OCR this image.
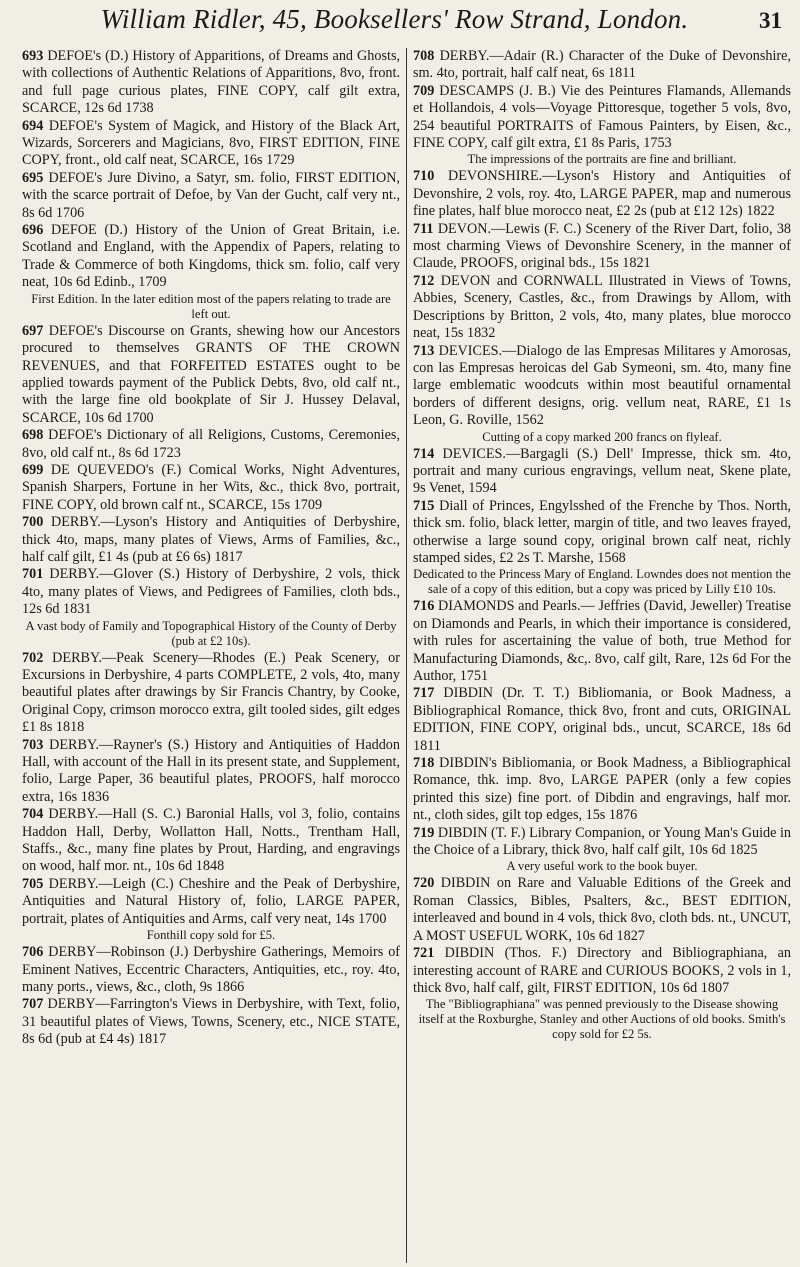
William Ridler, 45, Booksellers' Row Strand, London.	31

693 DEFOE's (D.) History of Apparitions, of Dreams and Ghosts, with collections of Authentic Relations of Apparitions, 8vo, front. and full page curious plates, FINE COPY, calf gilt extra, SCARCE, 12s 6d 1738

694 DEFOE's System of Magick, and History of the Black Art, Wizards, Sorcerers and Magicians, 8vo, FIRST EDITION, FINE COPY, front., old calf neat, SCARCE, 16s 1729

695 DEFOE's Jure Divino, a Satyr, sm. folio, FIRST EDITION, with the scarce portrait of Defoe, by Van der Gucht, calf very nt., 8s 6d 1706

696 DEFOE (D.) History of the Union of Great Britain, i.e. Scotland and England, with the Appendix of Papers, relating to Trade & Commerce of both Kingdoms, thick sm. folio, calf very neat, 10s 6d Edinb., 1709

First Edition. In the later edition most of the papers relating to trade are left out.

697 DEFOE's Discourse on Grants, shewing how our Ancestors procured to themselves GRANTS OF THE CROWN REVENUES, and that FORFEITED ESTATES ought to be applied towards payment of the Publick Debts, 8vo, old calf nt., with the large fine old bookplate of Sir J. Hussey Delaval, SCARCE, 10s 6d 1700

698 DEFOE's Dictionary of all Religions, Customs, Ceremonies, 8vo, old calf nt., 8s 6d 1723

699 DE QUEVEDO's (F.) Comical Works, Night Adventures, Spanish Sharpers, Fortune in her Wits, &c., thick 8vo, portrait, FINE COPY, old brown calf nt., SCARCE, 15s 1709

700 DERBY.—Lyson's History and Antiquities of Derbyshire, thick 4to, maps, many plates of Views, Arms of Families, &c., half calf gilt, £1 4s (pub at £6 6s) 1817

701 DERBY.—Glover (S.) History of Derbyshire, 2 vols, thick 4to, many plates of Views, and Pedigrees of Families, cloth bds., 12s 6d 1831

A vast body of Family and Topographical History of the County of Derby (pub at £2 10s).

702 DERBY.—Peak Scenery—Rhodes (E.) Peak Scenery, or Excursions in Derbyshire, 4 parts COMPLETE, 2 vols, 4to, many beautiful plates after drawings by Sir Francis Chantry, by Cooke, Original Copy, crimson morocco extra, gilt tooled sides, gilt edges £1 8s 1818

703 DERBY.—Rayner's (S.) History and Antiquities of Haddon Hall, with account of the Hall in its present state, and Supplement, folio, Large Paper, 36 beautiful plates, PROOFS, half morocco extra, 16s 1836

704 DERBY.—Hall (S. C.) Baronial Halls, vol 3, folio, contains Haddon Hall, Derby, Wollatton Hall, Notts., Trentham Hall, Staffs., &c., many fine plates by Prout, Harding, and engravings on wood, half mor. nt., 10s 6d 1848

705 DERBY.—Leigh (C.) Cheshire and the Peak of Derbyshire, Antiquities and Natural History of, folio, LARGE PAPER, portrait, plates of Antiquities and Arms, calf very neat, 14s 1700

Fonthill copy sold for £5.

706 DERBY—Robinson (J.) Derbyshire Gatherings, Memoirs of Eminent Natives, Eccentric Characters, Antiquities, etc., roy. 4to, many ports., views, &c., cloth, 9s 1866

707 DERBY—Farrington's Views in Derbyshire, with Text, folio, 31 beautiful plates of Views, Towns, Scenery, etc., NICE STATE, 8s 6d (pub at £4 4s) 1817

708 DERBY.—Adair (R.) Character of the Duke of Devonshire, sm. 4to, portrait, half calf neat, 6s 1811

709 DESCAMPS (J. B.) Vie des Peintures Flamands, Allemands et Hollandois, 4 vols—Voyage Pittoresque, together 5 vols, 8vo, 254 beautiful PORTRAITS of Famous Painters, by Eisen, &c., FINE COPY, calf gilt extra, £1 8s Paris, 1753

The impressions of the portraits are fine and brilliant.

710 DEVONSHIRE.—Lyson's History and Antiquities of Devonshire, 2 vols, roy. 4to, LARGE PAPER, map and numerous fine plates, half blue morocco neat, £2 2s (pub at £12 12s) 1822

711 DEVON.—Lewis (F. C.) Scenery of the River Dart, folio, 38 most charming Views of Devonshire Scenery, in the manner of Claude, PROOFS, original bds., 15s 1821

712 DEVON and CORNWALL Illustrated in Views of Towns, Abbies, Scenery, Castles, &c., from Drawings by Allom, with Descriptions by Britton, 2 vols, 4to, many plates, blue morocco neat, 15s 1832

713 DEVICES.—Dialogo de las Empresas Militares y Amorosas, con las Empresas heroicas del Gab Symeoni, sm. 4to, many fine large emblematic woodcuts within most beautiful ornamental borders of different designs, orig. vellum neat, RARE, £1 1s Leon, G. Roville, 1562

Cutting of a copy marked 200 francs on flyleaf.

714 DEVICES.—Bargagli (S.) Dell' Impresse, thick sm. 4to, portrait and many curious engravings, vellum neat, Skene plate, 9s Venet, 1594

715 Diall of Princes, Engylsshed of the Frenche by Thos. North, thick sm. folio, black letter, margin of title, and two leaves frayed, otherwise a large sound copy, original brown calf neat, richly stamped sides, £2 2s T. Marshe, 1568

Dedicated to the Princess Mary of England. Lowndes does not mention the sale of a copy of this edition, but a copy was priced by Lilly £10 10s.

716 DIAMONDS and Pearls.— Jeffries (David, Jeweller) Treatise on Diamonds and Pearls, in which their importance is considered, with rules for ascertaining the value of both, true Method for Manufacturing Diamonds, &c,. 8vo, calf gilt, Rare, 12s 6d For the Author, 1751

717 DIBDIN (Dr. T. T.) Bibliomania, or Book Madness, a Bibliographical Romance, thick 8vo, front and cuts, ORIGINAL EDITION, FINE COPY, original bds., uncut, SCARCE, 18s 6d 1811

718 DIBDIN's Bibliomania, or Book Madness, a Bibliographical Romance, thk. imp. 8vo, LARGE PAPER (only a few copies printed this size) fine port. of Dibdin and engravings, half mor. nt., cloth sides, gilt top edges, 15s 1876

719 DIBDIN (T. F.) Library Companion, or Young Man's Guide in the Choice of a Library, thick 8vo, half calf gilt, 10s 6d 1825

A very useful work to the book buyer.

720 DIBDIN on Rare and Valuable Editions of the Greek and Roman Classics, Bibles, Psalters, &c., BEST EDITION, interleaved and bound in 4 vols, thick 8vo, cloth bds. nt., UNCUT, A MOST USEFUL WORK, 10s 6d 1827

721 DIBDIN (Thos. F.) Directory and Bibliographiana, an interesting account of RARE and CURIOUS BOOKS, 2 vols in 1, thick 8vo, half calf, gilt, FIRST EDITION, 10s 6d 1807

The "Bibliographiana" was penned previously to the Disease showing itself at the Roxburghe, Stanley and other Auctions of old books. Smith's copy sold for £2 5s.
